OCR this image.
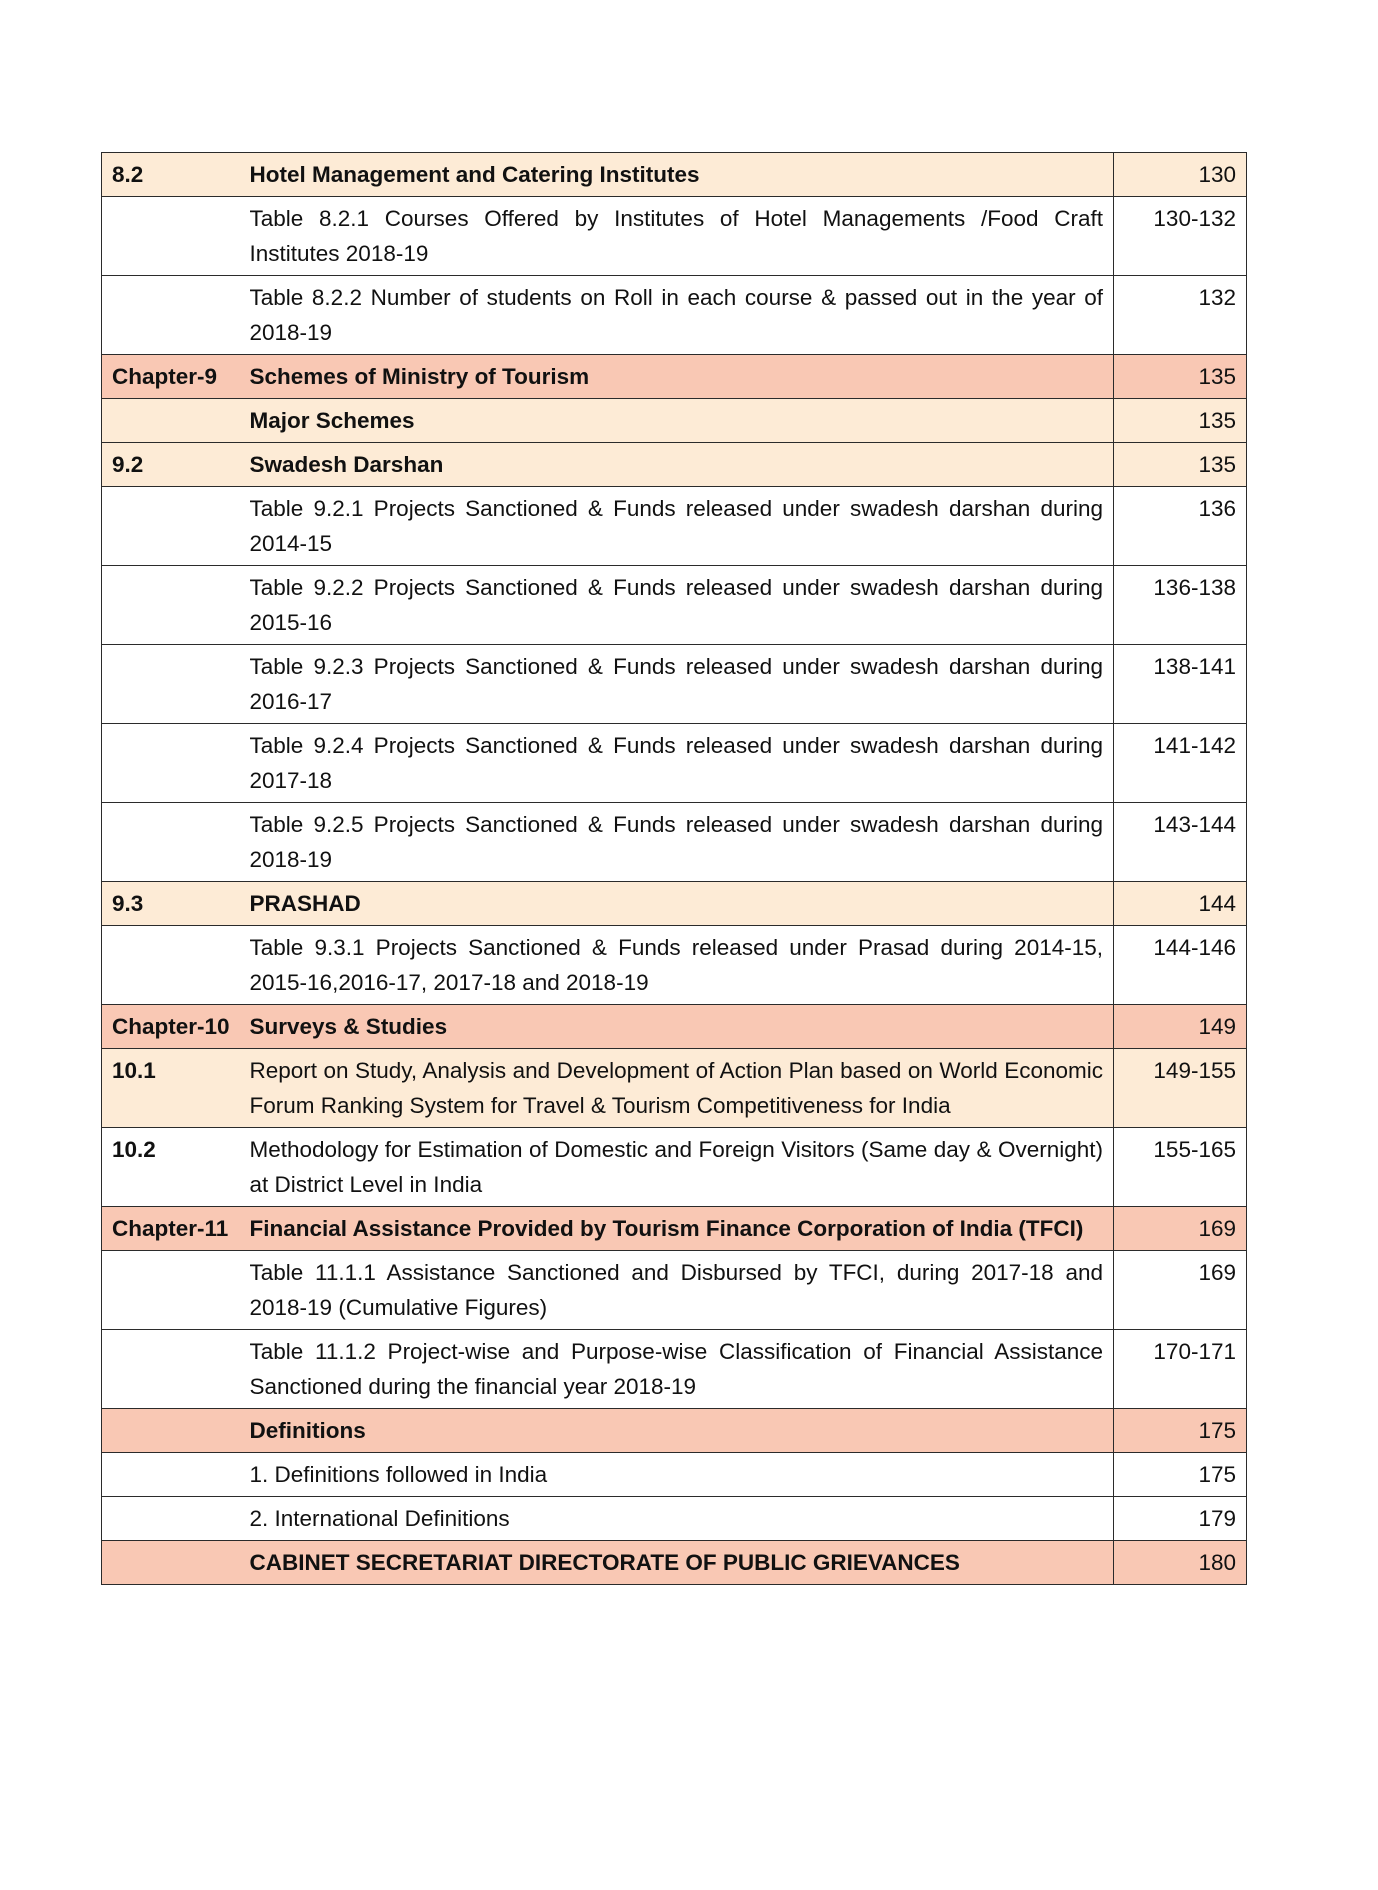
8.2	Hotel Management and Catering Institutes	130
	Table 8.2.1 Courses Offered by Institutes of Hotel Managements /Food Craft Institutes 2018-19	130-132
	Table 8.2.2 Number of students on Roll in each course & passed out in the year of 2018-19	132
Chapter-9	Schemes of Ministry of Tourism	135
	Major Schemes	135
9.2	Swadesh Darshan	135
	Table 9.2.1 Projects Sanctioned & Funds released under swadesh darshan during 2014-15	136
	Table 9.2.2 Projects Sanctioned & Funds released under swadesh darshan during 2015-16	136-138
	Table 9.2.3 Projects Sanctioned & Funds released under swadesh darshan during 2016-17	138-141
	Table 9.2.4 Projects Sanctioned & Funds released under swadesh darshan during 2017-18	141-142
	Table 9.2.5 Projects Sanctioned & Funds released under swadesh darshan during 2018-19	143-144
9.3	PRASHAD	144
	Table 9.3.1 Projects Sanctioned & Funds released under Prasad during 2014-15, 2015-16,2016-17, 2017-18 and 2018-19	144-146
Chapter-10	Surveys & Studies	149
10.1	Report on Study, Analysis and Development of Action Plan based on World Economic Forum Ranking System for Travel & Tourism Competitiveness for India	149-155
10.2	Methodology for Estimation of Domestic and Foreign Visitors (Same day & Overnight) at District Level in India	155-165
Chapter-11	Financial Assistance Provided by Tourism Finance Corporation of India (TFCI)	169
	Table 11.1.1 Assistance Sanctioned and Disbursed by TFCI, during 2017-18 and 2018-19 (Cumulative Figures)	169
	Table 11.1.2 Project-wise and Purpose-wise Classification of Financial Assistance Sanctioned during the financial year 2018-19	170-171
	Definitions	175
	1. Definitions followed in India	175
	2. International Definitions	179
	CABINET SECRETARIAT DIRECTORATE OF PUBLIC GRIEVANCES	180
